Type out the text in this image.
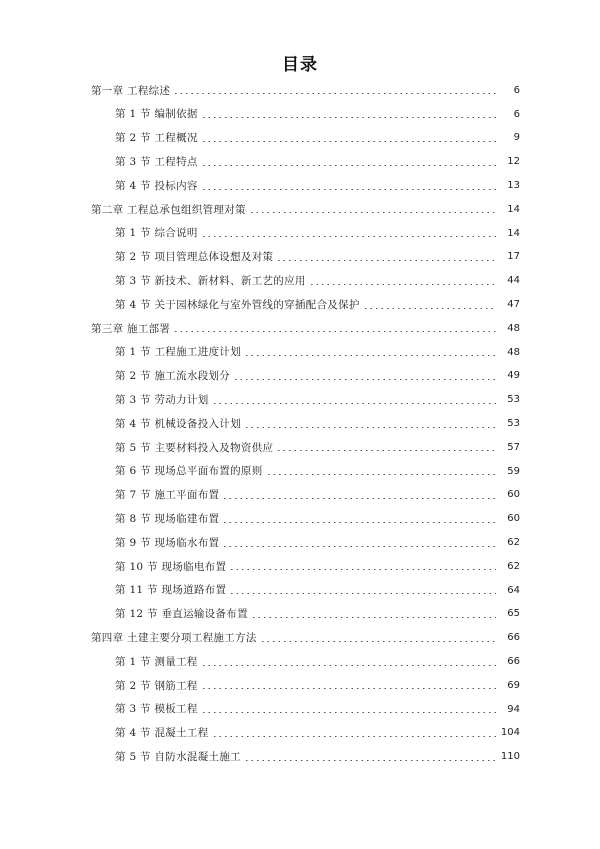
目录
第一章 工程综述	6
第 1 节 编制依据	6
第 2 节 工程概况	9
第 3 节 工程特点	12
第 4 节 投标内容	13
第二章 工程总承包组织管理对策	14
第 1 节 综合说明	14
第 2 节 项目管理总体设想及对策	17
第 3 节 新技术、新材料、新工艺的应用	44
第 4 节 关于园林绿化与室外管线的穿插配合及保护	47
第三章 施工部署	48
第 1 节 工程施工进度计划	48
第 2 节 施工流水段划分	49
第 3 节 劳动力计划	53
第 4 节 机械设备投入计划	53
第 5 节 主要材料投入及物资供应	57
第 6 节 现场总平面布置的原则	59
第 7 节 施工平面布置	60
第 8 节 现场临建布置	60
第 9 节 现场临水布置	62
第 10 节 现场临电布置	62
第 11 节 现场道路布置	64
第 12 节 垂直运输设备布置	65
第四章 土建主要分项工程施工方法	66
第 1 节 测量工程	66
第 2 节 钢筋工程	69
第 3 节 模板工程	94
第 4 节 混凝土工程	104
第 5 节 自防水混凝土施工	110
